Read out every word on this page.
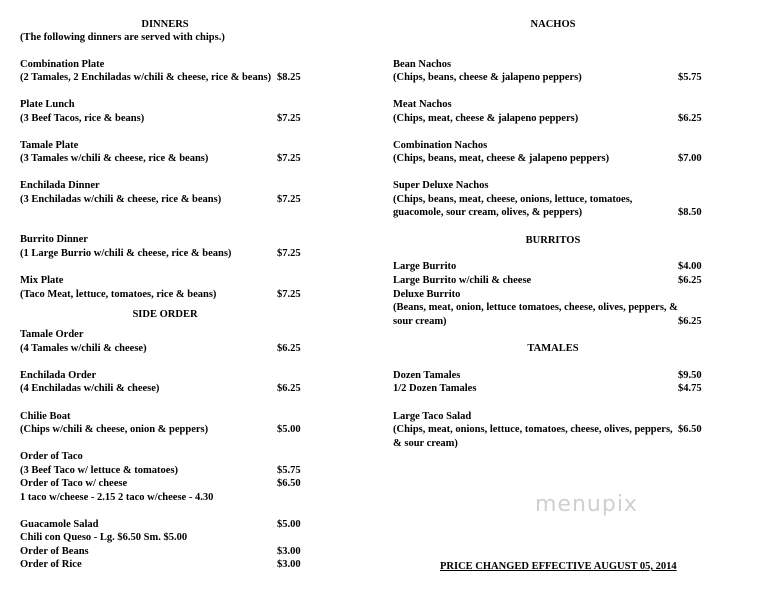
DINNERS
(The following dinners are served with chips.)
Combination Plate
(2 Tamales, 2 Enchiladas w/chili & cheese, rice & beans) $8.25
Plate Lunch
(3 Beef Tacos, rice & beans)	$7.25
Tamale Plate
(3 Tamales w/chili & cheese, rice & beans)	$7.25
Enchilada Dinner
(3 Enchiladas w/chili & cheese, rice & beans)	$7.25
Burrito Dinner
(1 Large Burrio w/chili & cheese, rice & beans)	$7.25
Mix Plate
(Taco Meat, lettuce, tomatoes, rice & beans)	$7.25
SIDE ORDER
Tamale Order
(4 Tamales w/chili & cheese)	$6.25
Enchilada Order
(4 Enchiladas w/chili & cheese)	$6.25
Chilie Boat
(Chips w/chili & cheese, onion & peppers)	$5.00
Order of Taco
(3 Beef Taco w/ lettuce & tomatoes)	$5.75
Order of Taco w/ cheese	$6.50
1 taco w/cheese - 2.15 2 taco w/cheese - 4.30
Guacamole Salad	$5.00
Chili con Queso - Lg. $6.50 Sm. $5.00
Order of Beans	$3.00
Order of Rice	$3.00
NACHOS
Bean Nachos
(Chips, beans, cheese & jalapeno peppers)	$5.75
Meat Nachos
(Chips, meat, cheese & jalapeno peppers)	$6.25
Combination Nachos
(Chips, beans, meat, cheese & jalapeno peppers)	$7.00
Super Deluxe Nachos
(Chips, beans, meat, cheese, onions, lettuce, tomatoes,
guacomole, sour cream, olives, & peppers)	$8.50
BURRITOS
Large Burrito	$4.00
Large Burrito w/chili & cheese	$6.25
Deluxe Burrito
(Beans, meat, onion, lettuce tomatoes, cheese, olives, peppers, &
sour cream)	$6.25
TAMALES
Dozen Tamales	$9.50
1/2 Dozen Tamales	$4.75
Large Taco Salad
(Chips, meat, onions, lettuce, tomatoes, cheese, olives, peppers, $6.50
& sour cream)
menupix
PRICE CHANGED EFFECTIVE AUGUST 05, 2014
